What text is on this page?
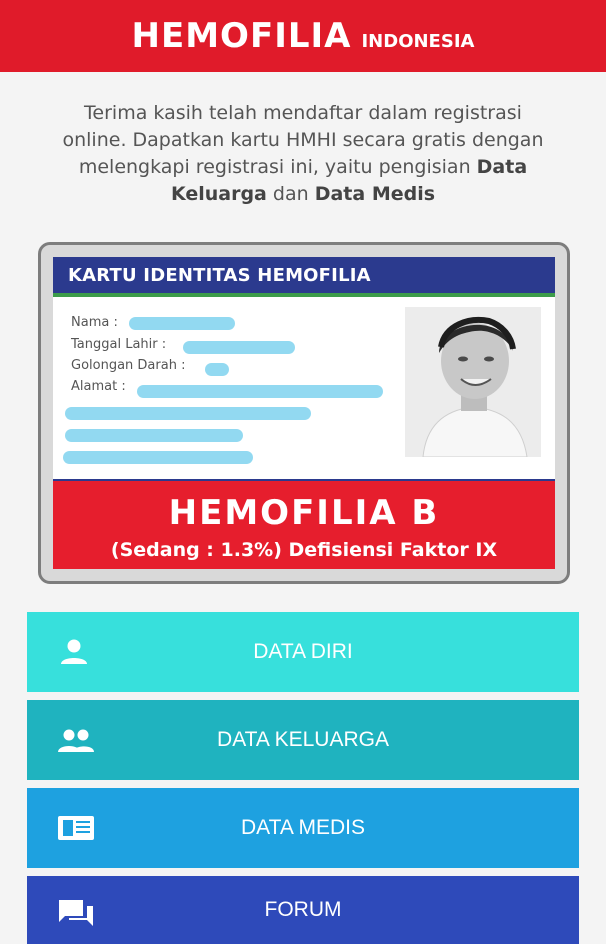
HEMOFILIA INDONESIA
Terima kasih telah mendaftar dalam registrasi
online. Dapatkan kartu HMHI secara gratis dengan
melengkapi registrasi ini, yaitu pengisian Data
Keluarga dan Data Medis
KARTU IDENTITAS HEMOFILIA
Nama :
Tanggal Lahir :
Golongan Darah :
Alamat :
HEMOFILIA B
(Sedang : 1.3%) Defisiensi Faktor IX
DATA DIRI
DATA KELUARGA
DATA MEDIS
FORUM
